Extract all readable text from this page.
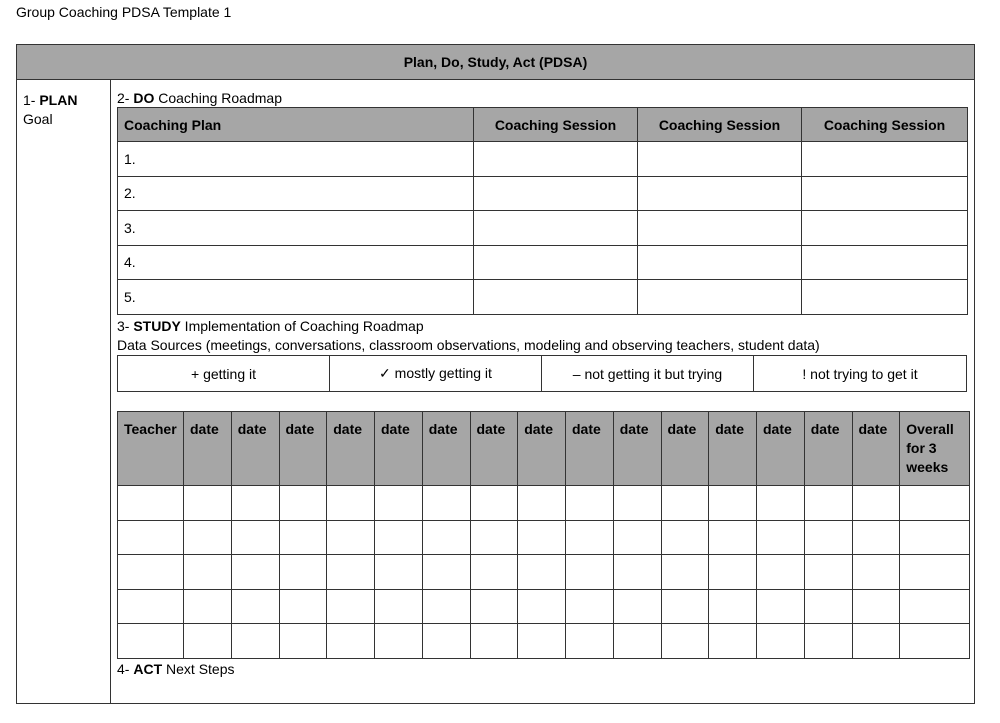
Group Coaching PDSA Template 1
Plan, Do, Study, Act (PDSA)
1- PLAN
Goal
2- DO Coaching Roadmap
Coaching Plan	Coaching Session	Coaching Session	Coaching Session
1.			
2.			
3.			
4.			
5.			
3- STUDY Implementation of Coaching Roadmap
Data Sources (meetings, conversations, classroom observations, modeling and observing teachers, student data)
+ getting it	✓ mostly getting it	– not getting it but trying	! not trying to get it
Teacher	date	date	date	date	date	date	date	date	date	date	date	date	date	date	date	Overall for 3 weeks

4- ACT Next Steps
